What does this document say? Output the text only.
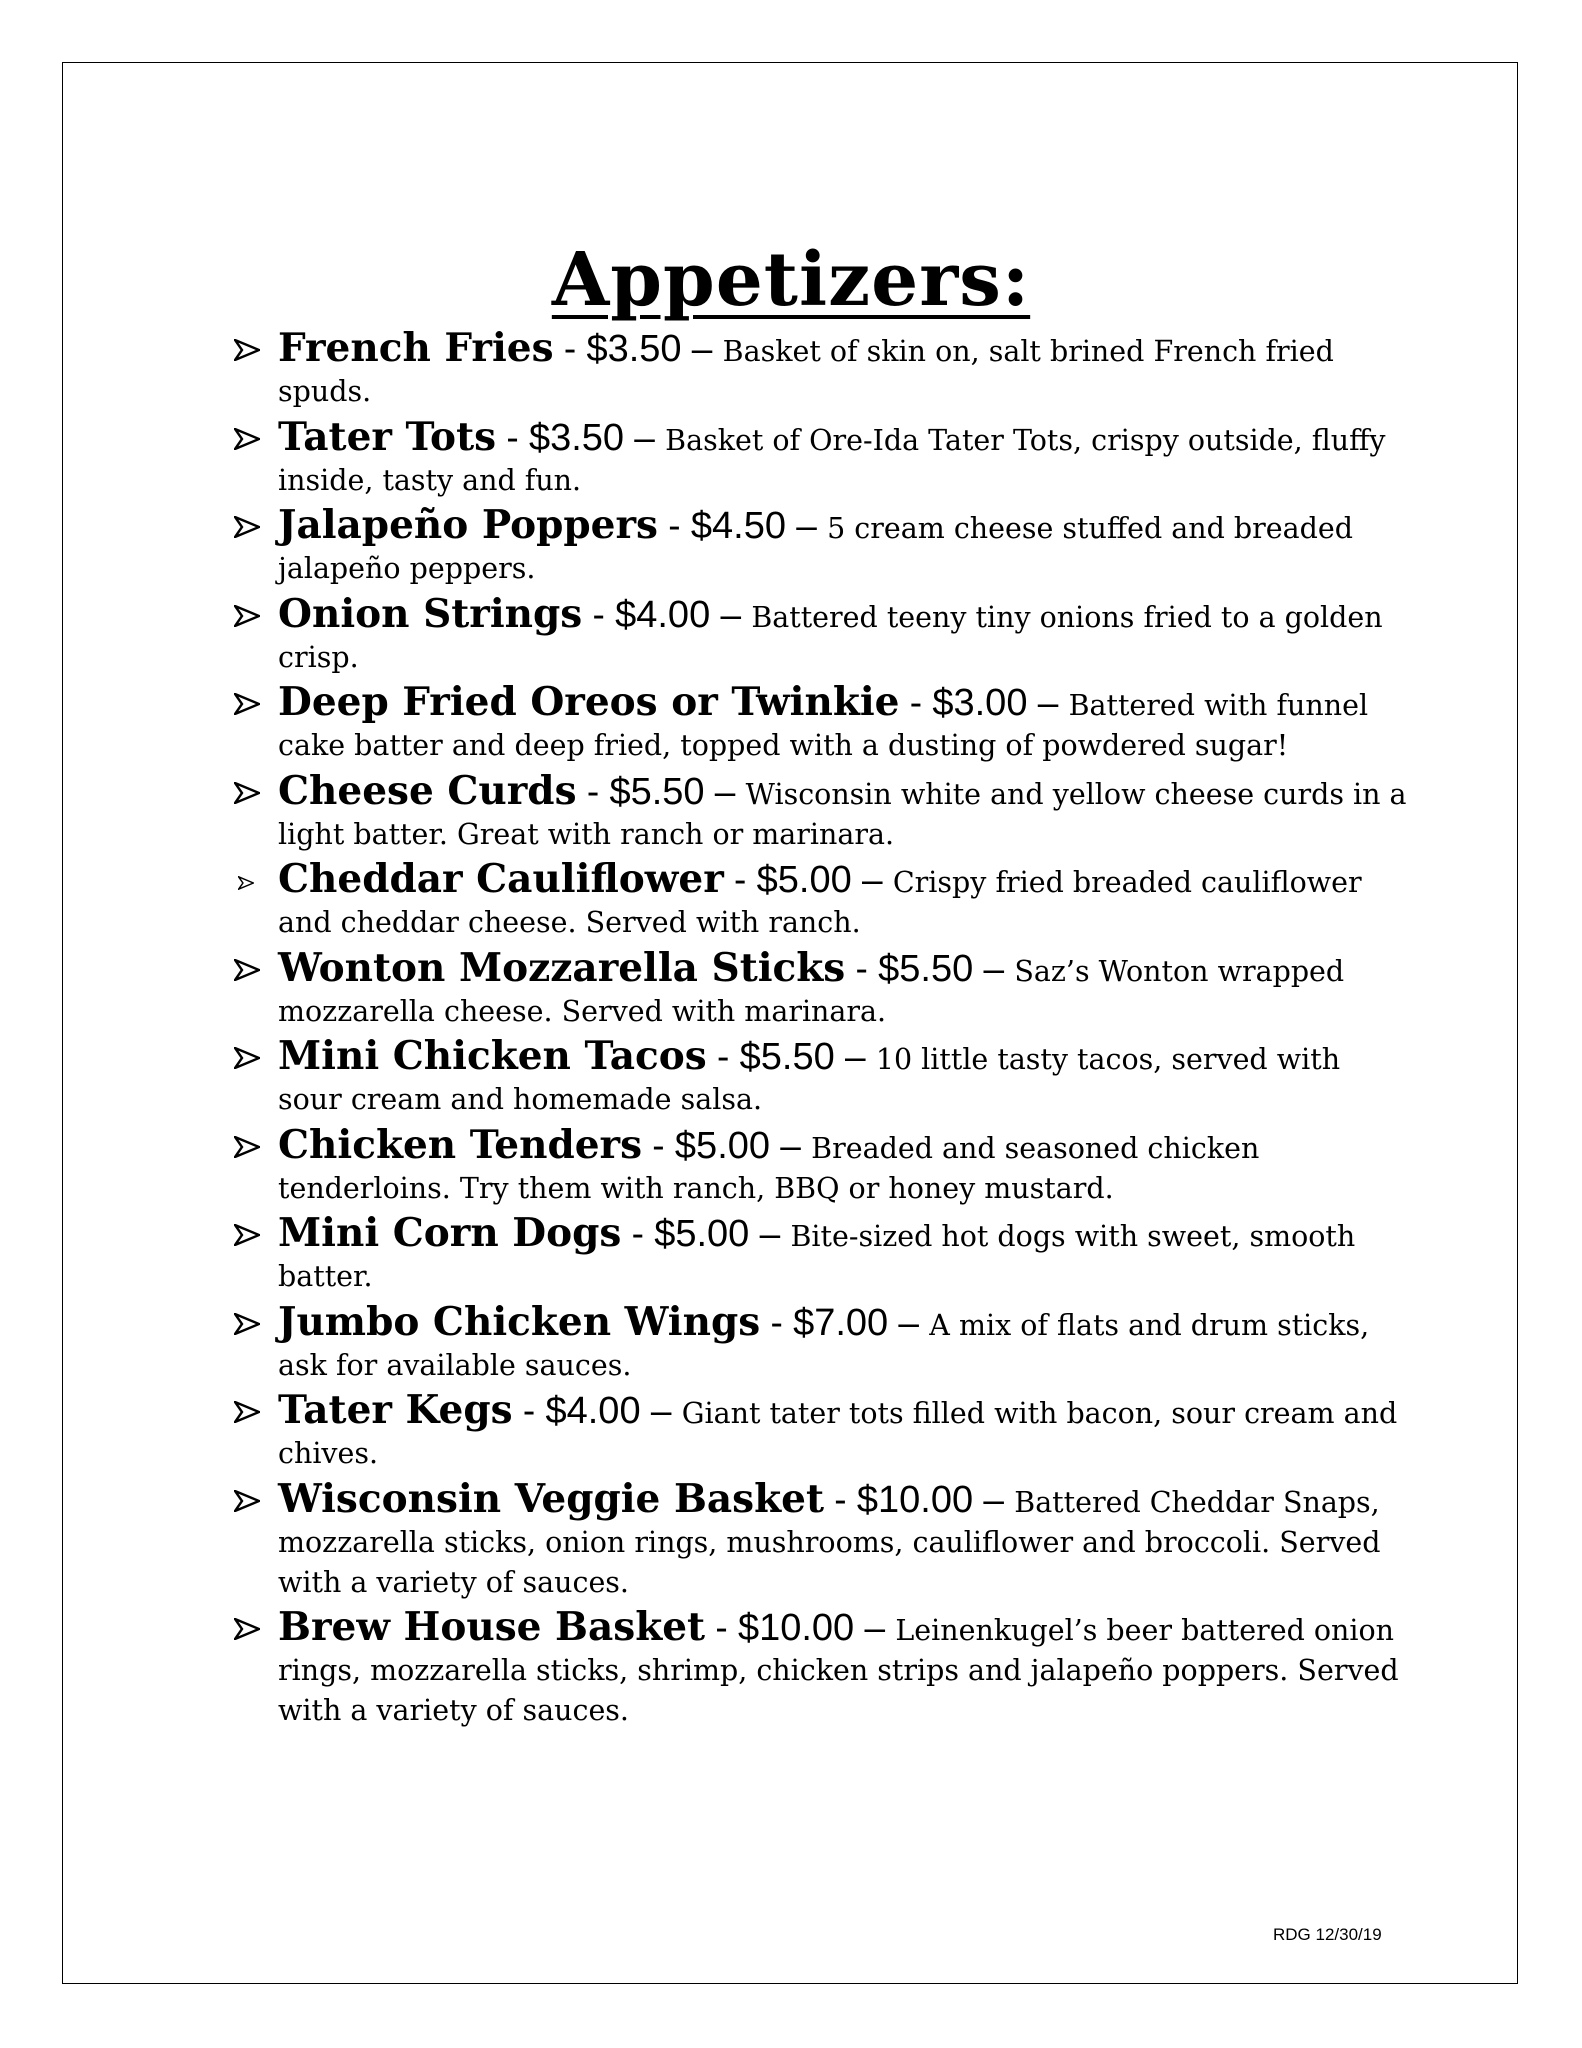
Appetizers:
French Fries - $3.50 – Basket of skin on, salt brined French fried spuds.
Tater Tots - $3.50 – Basket of Ore-Ida Tater Tots, crispy outside, fluffy inside, tasty and fun.
Jalapeño Poppers - $4.50 – 5 cream cheese stuffed and breaded jalapeño peppers.
Onion Strings - $4.00 – Battered teeny tiny onions fried to a golden crisp.
Deep Fried Oreos or Twinkie - $3.00 – Battered with funnel cake batter and deep fried, topped with a dusting of powdered sugar!
Cheese Curds - $5.50 – Wisconsin white and yellow cheese curds in a light batter. Great with ranch or marinara.
Cheddar Cauliflower - $5.00 – Crispy fried breaded cauliflower and cheddar cheese. Served with ranch.
Wonton Mozzarella Sticks - $5.50 – Saz’s Wonton wrapped mozzarella cheese. Served with marinara.
Mini Chicken Tacos - $5.50 – 10 little tasty tacos, served with sour cream and homemade salsa.
Chicken Tenders - $5.00 – Breaded and seasoned chicken tenderloins. Try them with ranch, BBQ or honey mustard.
Mini Corn Dogs - $5.00 – Bite-sized hot dogs with sweet, smooth batter.
Jumbo Chicken Wings - $7.00 – A mix of flats and drum sticks, ask for available sauces.
Tater Kegs - $4.00 – Giant tater tots filled with bacon, sour cream and chives.
Wisconsin Veggie Basket - $10.00 – Battered Cheddar Snaps, mozzarella sticks, onion rings, mushrooms, cauliflower and broccoli. Served with a variety of sauces.
Brew House Basket - $10.00 – Leinenkugel’s beer battered onion rings, mozzarella sticks, shrimp, chicken strips and jalapeño poppers. Served with a variety of sauces.
RDG 12/30/19
